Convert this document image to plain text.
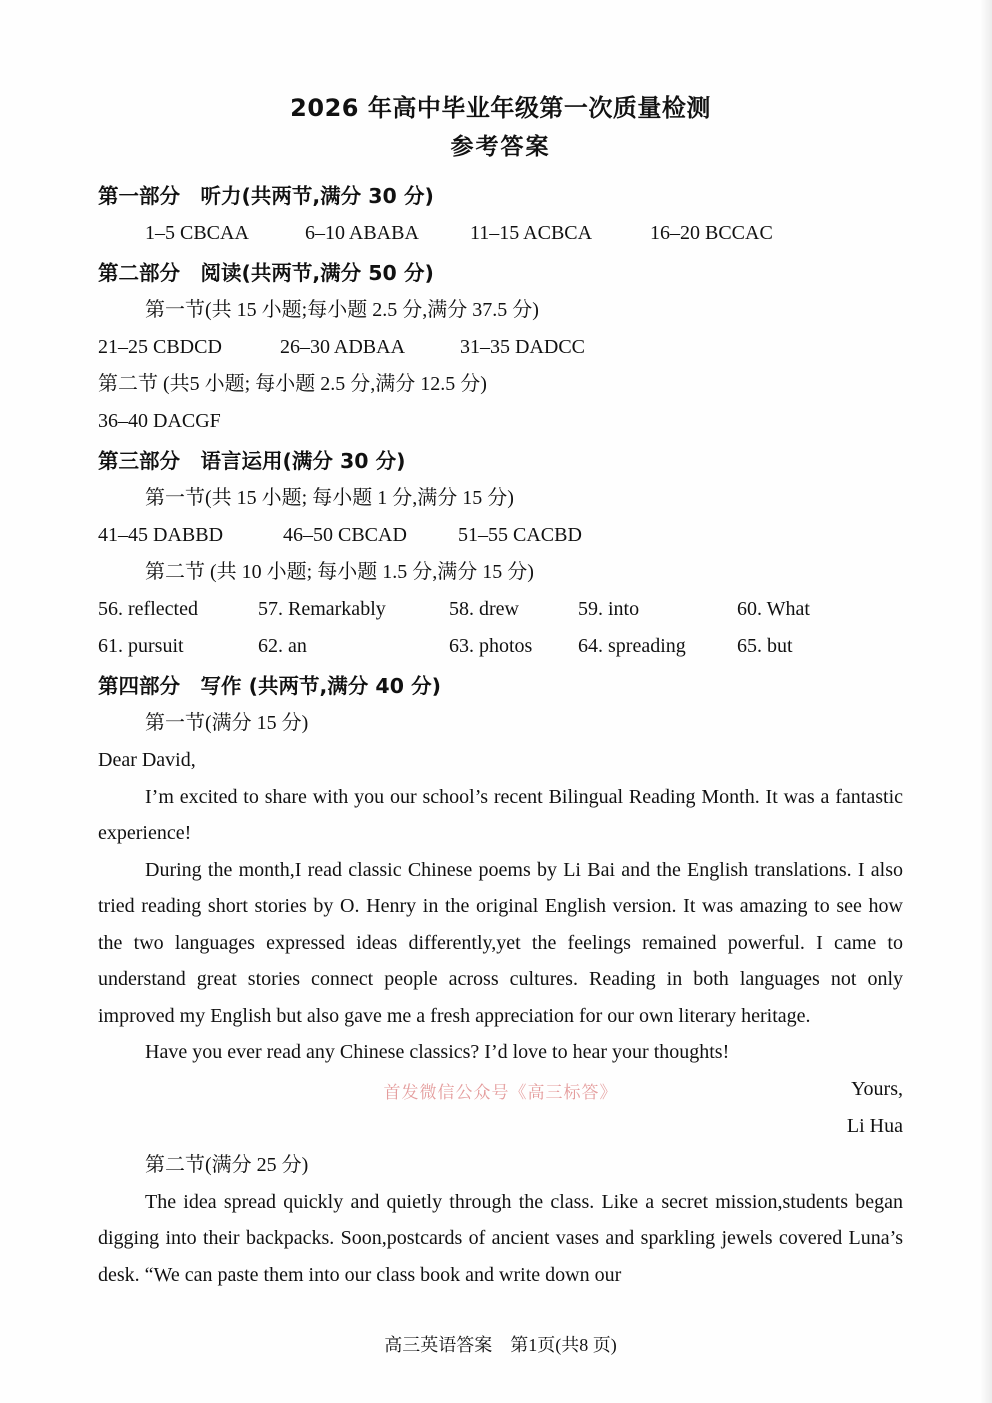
2026 年高中毕业年级第一次质量检测
参考答案
第一部分　听力(共两节,满分 30 分)
1–5 CBCAA	6–10 ABABA	11–15 ACBCA	16–20 BCCAC
第二部分　阅读(共两节,满分 50 分)
第一节(共 15 小题;每小题 2.5 分,满分 37.5 分)
21–25 CBDCD	26–30 ADBAA	31–35 DADCC
第二节 (共5 小题; 每小题 2.5 分,满分 12.5 分)
36–40 DACGF
第三部分　语言运用(满分 30 分)
第一节(共 15 小题; 每小题 1 分,满分 15 分)
41–45 DABBD	46–50 CBCAD	51–55 CACBD
第二节 (共 10 小题; 每小题 1.5 分,满分 15 分)
56. reflected	57. Remarkably	58. drew	59. into	60. What
61. pursuit	62. an	63. photos	64. spreading	65. but
第四部分　写作 (共两节,满分 40 分)
第一节(满分 15 分)

Dear David,

I’m excited to share with you our school’s recent Bilingual Reading Month. It was a fantastic experience!

During the month,I read classic Chinese poems by Li Bai and the English translations. I also tried reading short stories by O. Henry in the original English version. It was amazing to see how the two languages expressed ideas differently,yet the feelings remained powerful. I came to understand great stories connect people across cultures. Reading in both languages not only improved my English but also gave me a fresh appreciation for our own literary heritage.

Have you ever read any Chinese classics? I’d love to hear your thoughts!

首发微信公众号《高三标答》	Yours,
Li Hua
第二节(满分 25 分)

The idea spread quickly and quietly through the class. Like a secret mission,students began digging into their backpacks. Soon,postcards of ancient vases and sparkling jewels covered Luna’s desk. “We can paste them into our class book and write down our

高三英语答案　第1页(共8 页)
